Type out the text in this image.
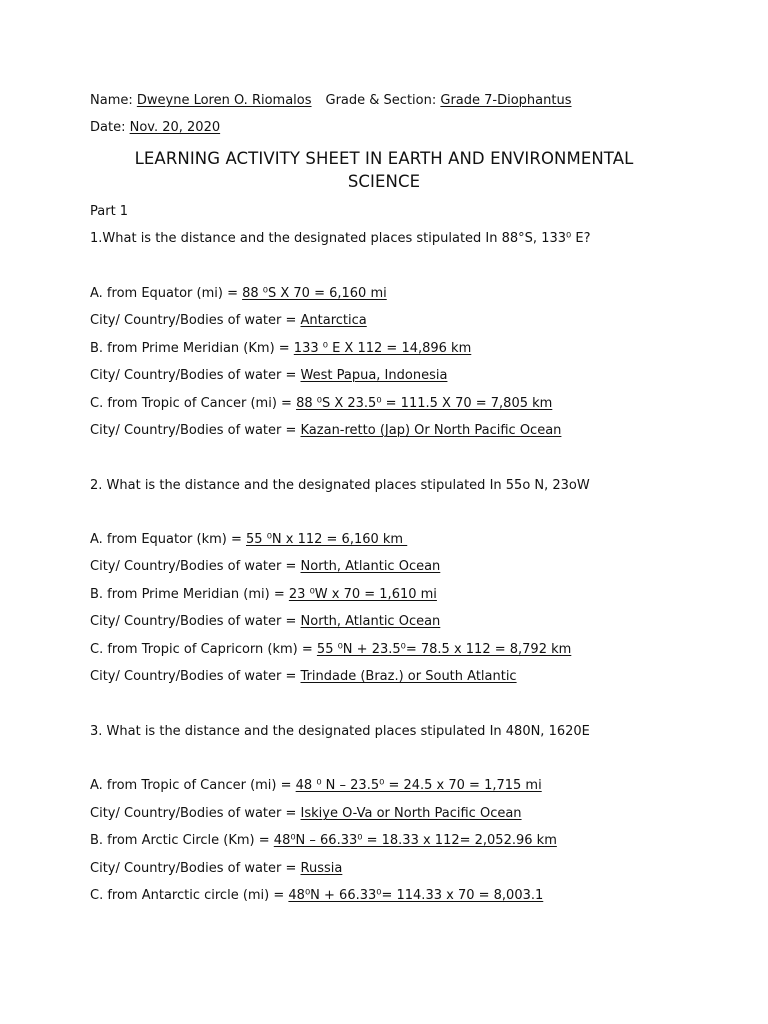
Name: Dweyne Loren O. Riomalos Grade & Section: Grade 7-Diophantus
Date: Nov. 20, 2020
LEARNING ACTIVITY SHEET IN EARTH AND ENVIRONMENTAL
SCIENCE
Part 1
1.What is the distance and the designated places stipulated In 88°S, 133⁰ E?
A. from Equator (mi) = 88 ⁰S X 70 = 6,160 mi
City/ Country/Bodies of water = Antarctica
B. from Prime Meridian (Km) = 133 ⁰ E X 112 = 14,896 km
City/ Country/Bodies of water = West Papua, Indonesia
C. from Tropic of Cancer (mi) = 88 ⁰S X 23.5⁰ = 111.5 X 70 = 7,805 km
City/ Country/Bodies of water = Kazan-retto (Jap) Or North Pacific Ocean
2. What is the distance and the designated places stipulated In 55o N, 23oW
A. from Equator (km) = 55 ⁰N x 112 = 6,160 km
City/ Country/Bodies of water = North, Atlantic Ocean
B. from Prime Meridian (mi) = 23 ⁰W x 70 = 1,610 mi
City/ Country/Bodies of water = North, Atlantic Ocean
C. from Tropic of Capricorn (km) = 55 ⁰N + 23.5⁰= 78.5 x 112 = 8,792 km
City/ Country/Bodies of water = Trindade (Braz.) or South Atlantic
3. What is the distance and the designated places stipulated In 480N, 1620E
A. from Tropic of Cancer (mi) = 48 ⁰ N – 23.5⁰ = 24.5 x 70 = 1,715 mi
City/ Country/Bodies of water = Iskiye O-Va or North Pacific Ocean
B. from Arctic Circle (Km) = 48⁰N – 66.33⁰ = 18.33 x 112= 2,052.96 km
City/ Country/Bodies of water = Russia
C. from Antarctic circle (mi) = 48⁰N + 66.33⁰= 114.33 x 70 = 8,003.1
